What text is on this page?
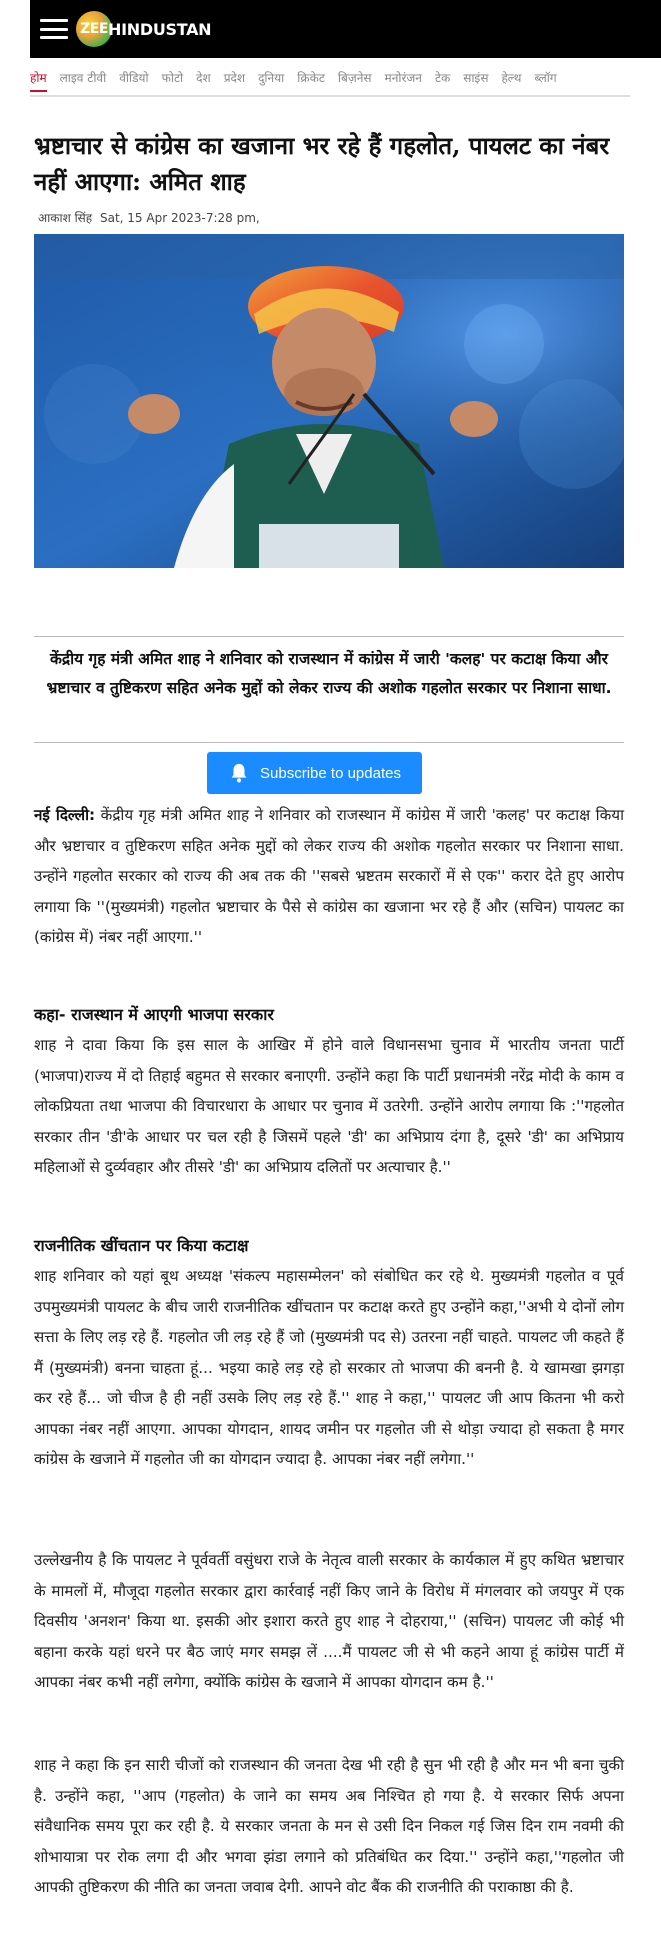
ZEE HINDUSTAN
होम लाइव टीवी वीडियो फोटो देश प्रदेश दुनिया क्रिकेट बिज़नेस मनोरंजन टेक साइंस हेल्थ ब्लॉग
भ्रष्टाचार से कांग्रेस का खजाना भर रहे हैं गहलोत, पायलट का नंबर नहीं आएगा: अमित शाह
आकाश सिंह Sat, 15 Apr 2023-7:28 pm,

केंद्रीय गृह मंत्री अमित शाह ने शनिवार को राजस्थान में कांग्रेस में जारी 'कलह' पर कटाक्ष किया और भ्रष्टाचार व तुष्टिकरण सहित अनेक मुद्दों को लेकर राज्य की अशोक गहलोत सरकार पर निशाना साधा.

Subscribe to updates

नई दिल्ली: केंद्रीय गृह मंत्री अमित शाह ने शनिवार को राजस्थान में कांग्रेस में जारी 'कलह' पर कटाक्ष किया और भ्रष्टाचार व तुष्टिकरण सहित अनेक मुद्दों को लेकर राज्य की अशोक गहलोत सरकार पर निशाना साधा. उन्होंने गहलोत सरकार को राज्य की अब तक की ''सबसे भ्रष्टतम सरकारों में से एक'' करार देते हुए आरोप लगाया कि ''(मुख्यमंत्री) गहलोत भ्रष्टाचार के पैसे से कांग्रेस का खजाना भर रहे हैं और (सचिन) पायलट का (कांग्रेस में) नंबर नहीं आएगा.''

कहा- राजस्थान में आएगी भाजपा सरकार

शाह ने दावा किया कि इस साल के आखिर में होने वाले विधानसभा चुनाव में भारतीय जनता पार्टी (भाजपा)राज्य में दो तिहाई बहुमत से सरकार बनाएगी. उन्होंने कहा कि पार्टी प्रधानमंत्री नरेंद्र मोदी के काम व लोकप्रियता तथा भाजपा की विचारधारा के आधार पर चुनाव में उतरेगी. उन्होंने आरोप लगाया कि :''गहलोत सरकार तीन 'डी'के आधार पर चल रही है जिसमें पहले 'डी' का अभिप्राय दंगा है, दूसरे 'डी' का अभिप्राय महिलाओं से दुर्व्यवहार और तीसरे 'डी' का अभिप्राय दलितों पर अत्याचार है.''

राजनीतिक खींचतान पर किया कटाक्ष

शाह शनिवार को यहां बूथ अध्यक्ष 'संकल्प महासम्मेलन' को संबोधित कर रहे थे. मुख्यमंत्री गहलोत व पूर्व उपमुख्यमंत्री पायलट के बीच जारी राजनीतिक खींचतान पर कटाक्ष करते हुए उन्होंने कहा,''अभी ये दोनों लोग सत्ता के लिए लड़ रहे हैं. गहलोत जी लड़ रहे हैं जो (मुख्यमंत्री पद से) उतरना नहीं चाहते. पायलट जी कहते हैं मैं (मुख्यमंत्री) बनना चाहता हूं... भइया काहे लड़ रहे हो सरकार तो भाजपा की बननी है. ये खामखा झगड़ा कर रहे हैं... जो चीज है ही नहीं उसके लिए लड़ रहे हैं.'' शाह ने कहा,'' पायलट जी आप कितना भी करो आपका नंबर नहीं आएगा. आपका योगदान, शायद जमीन पर गहलोत जी से थोड़ा ज्यादा हो सकता है मगर कांग्रेस के खजाने में गहलोत जी का योगदान ज्यादा है. आपका नंबर नहीं लगेगा.''

उल्लेखनीय है कि पायलट ने पूर्ववर्ती वसुंधरा राजे के नेतृत्व वाली सरकार के कार्यकाल में हुए कथित भ्रष्टाचार के मामलों में, मौजूदा गहलोत सरकार द्वारा कार्रवाई नहीं किए जाने के विरोध में मंगलवार को जयपुर में एक दिवसीय 'अनशन' किया था. इसकी ओर इशारा करते हुए शाह ने दोहराया,'' (सचिन) पायलट जी कोई भी बहाना करके यहां धरने पर बैठ जाएं मगर समझ लें ....मैं पायलट जी से भी कहने आया हूं कांग्रेस पार्टी में आपका नंबर कभी नहीं लगेगा, क्योंकि कांग्रेस के खजाने में आपका योगदान कम है.''

शाह ने कहा कि इन सारी चीजों को राजस्थान की जनता देख भी रही है सुन भी रही है और मन भी बना चुकी है. उन्होंने कहा, ''आप (गहलोत) के जाने का समय अब निश्चित हो गया है. ये सरकार सिर्फ अपना संवैधानिक समय पूरा कर रही है. ये सरकार जनता के मन से उसी दिन निकल गई जिस दिन राम नवमी की शोभायात्रा पर रोक लगा दी और भगवा झंडा लगाने को प्रतिबंधित कर दिया.'' उन्होंने कहा,''गहलोत जी आपकी तुष्टिकरण की नीति का जनता जवाब देगी. आपने वोट बैंक की राजनीति की पराकाष्ठा की है.
